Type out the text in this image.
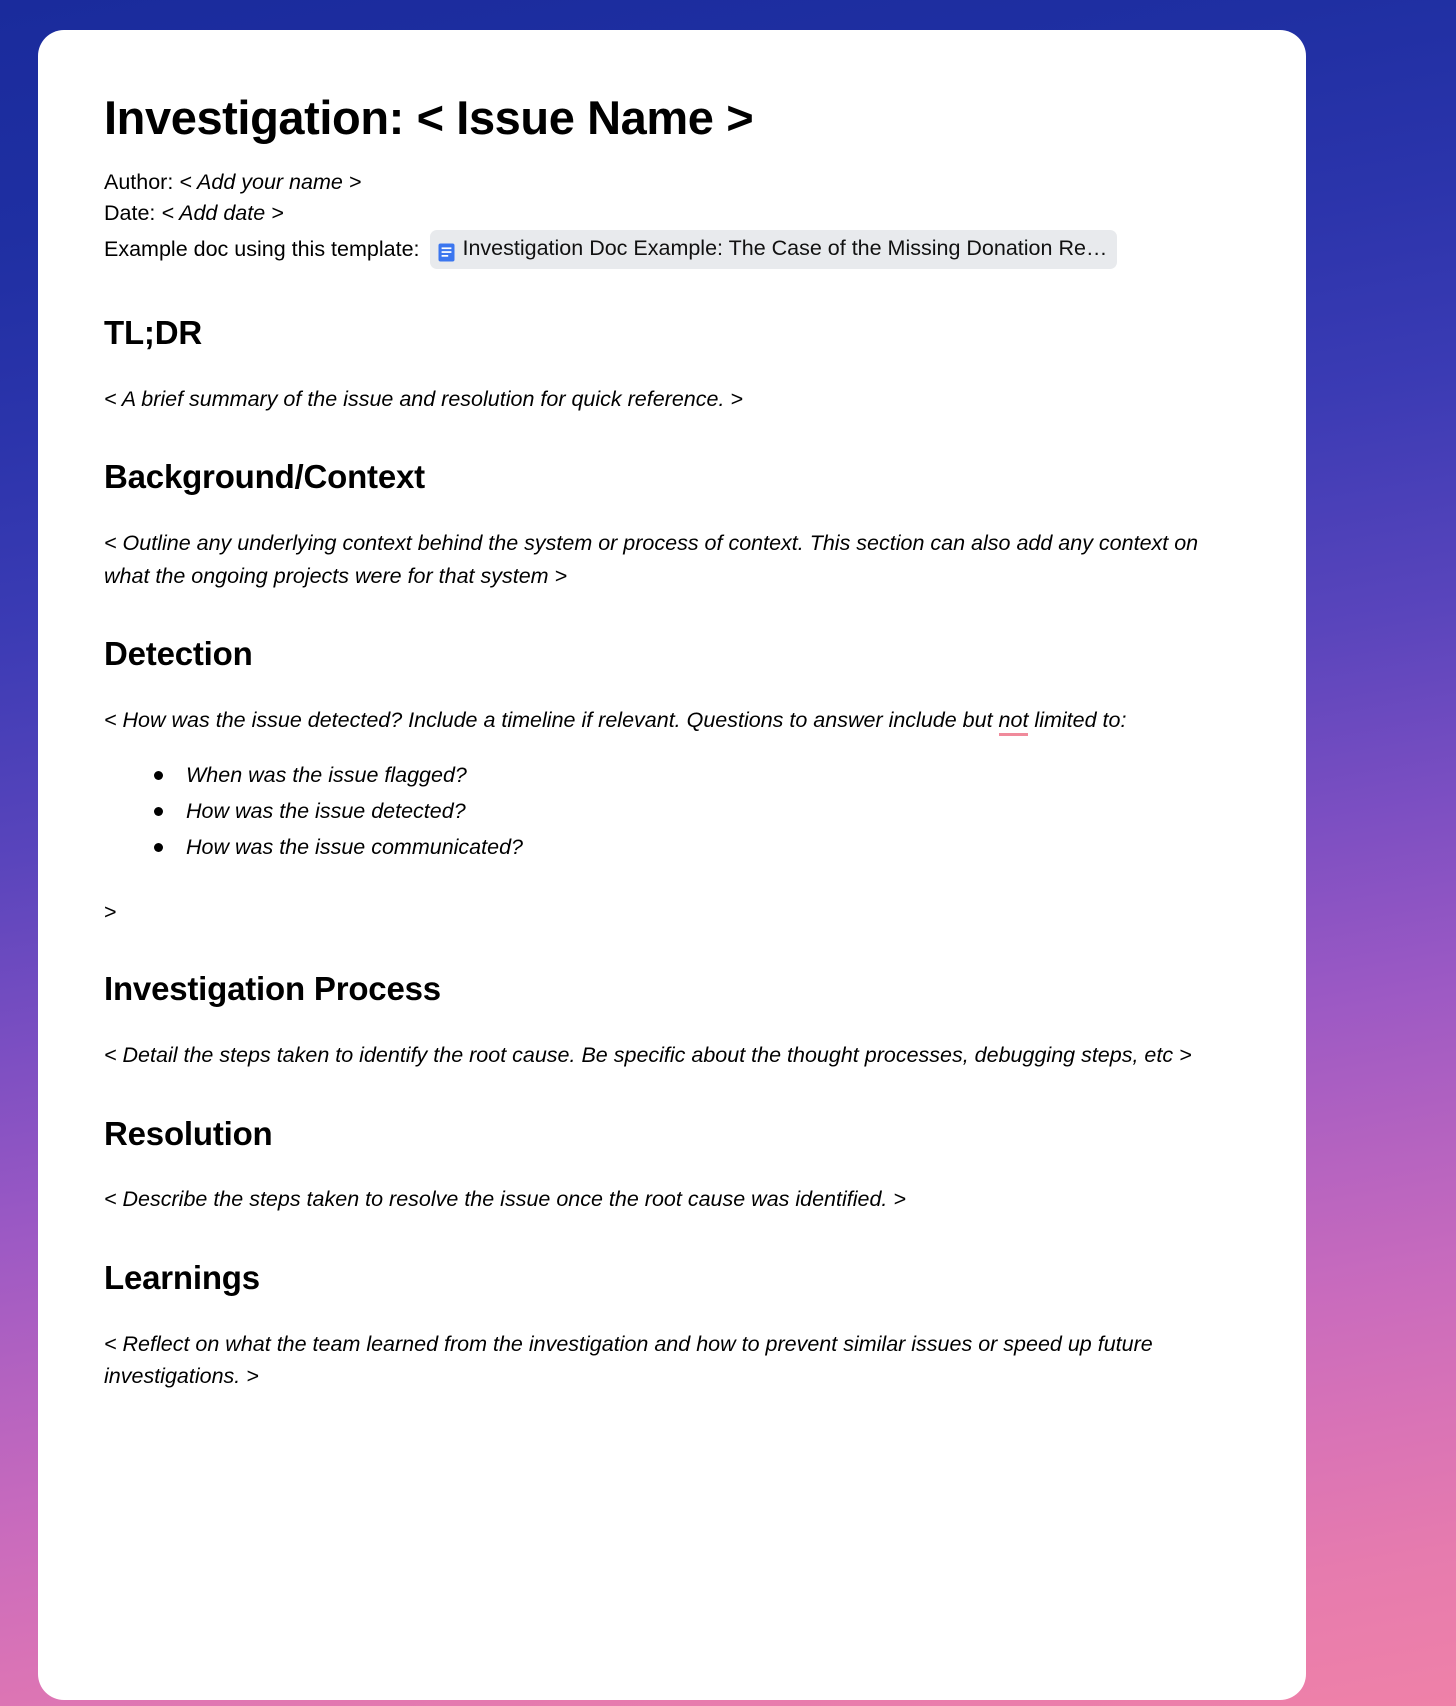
Investigation: < Issue Name >

Author: < Add your name >

Date: < Add date >

Example doc using this template: Investigation Doc Example: The Case of the Missing Donation Re…
TL;DR

< A brief summary of the issue and resolution for quick reference. >

Background/Context

< Outline any underlying context behind the system or process of context. This section can also add any context on what the ongoing projects were for that system >

Detection

< How was the issue detected? Include a timeline if relevant. Questions to answer include but not limited to:

When was the issue flagged?
How was the issue detected?
How was the issue communicated?

>

Investigation Process

< Detail the steps taken to identify the root cause. Be specific about the thought processes, debugging steps, etc >

Resolution

< Describe the steps taken to resolve the issue once the root cause was identified. >

Learnings

< Reflect on what the team learned from the investigation and how to prevent similar issues or speed up future investigations. >
